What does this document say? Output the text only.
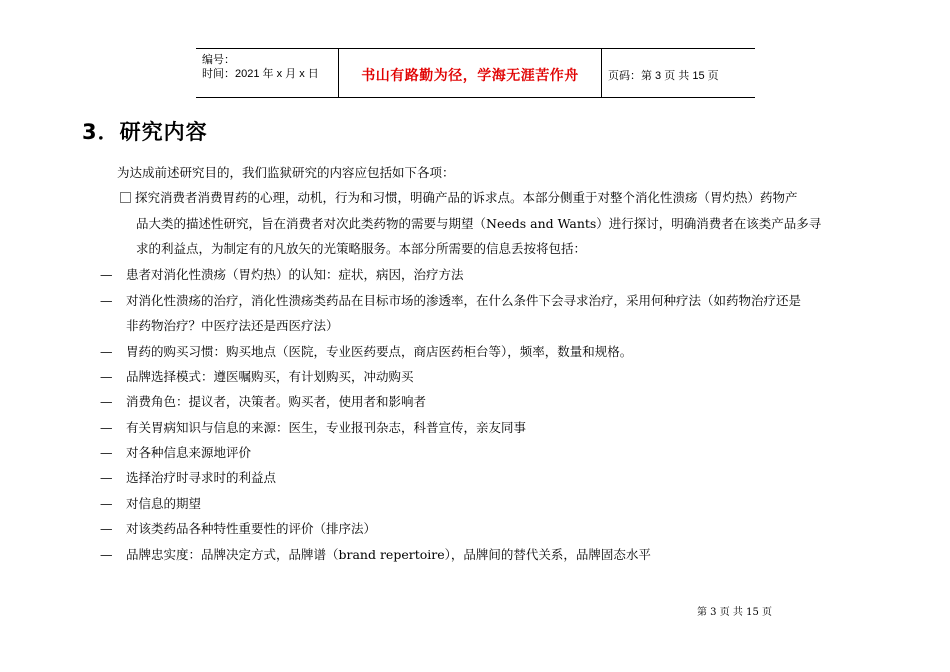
编号：
时间：2021 年 x 月 x 日	书山有路勤为径，学海无涯苦作舟	页码：第 3 页 共 15 页
3．研究内容
为达成前述研究目的，我们监狱研究的内容应包括如下各项：
探究消费者消费胃药的心理，动机，行为和习惯，明确产品的诉求点。本部分侧重于对整个消化性溃疡（胃灼热）药物产
品大类的描述性研究，旨在消费者对次此类药物的需要与期望（Needs and Wants）进行探讨，明确消费者在该类产品多寻
求的利益点，为制定有的凡放矢的光策略服务。本部分所需要的信息丢按将包括：
— 患者对消化性溃疡（胃灼热）的认知：症状，病因，治疗方法
— 对消化性溃疡的治疗，消化性溃疡类药品在目标市场的渗透率，在什么条件下会寻求治疗，采用何种疗法（如药物治疗还是
非药物治疗？中医疗法还是西医疗法）
— 胃药的购买习惯：购买地点（医院，专业医药要点，商店医药柜台等），频率，数量和规格。
— 品牌选择模式：遵医嘱购买，有计划购买，冲动购买
— 消费角色：提议者，决策者。购买者，使用者和影响者
— 有关胃病知识与信息的来源：医生，专业报刊杂志，科普宣传，亲友同事
— 对各种信息来源地评价
— 选择治疗时寻求时的利益点
— 对信息的期望
— 对该类药品各种特性重要性的评价（排序法）
— 品牌忠实度：品牌决定方式，品牌谱（brand repertoire），品牌间的替代关系，品牌固态水平
第 3 页 共 15 页
